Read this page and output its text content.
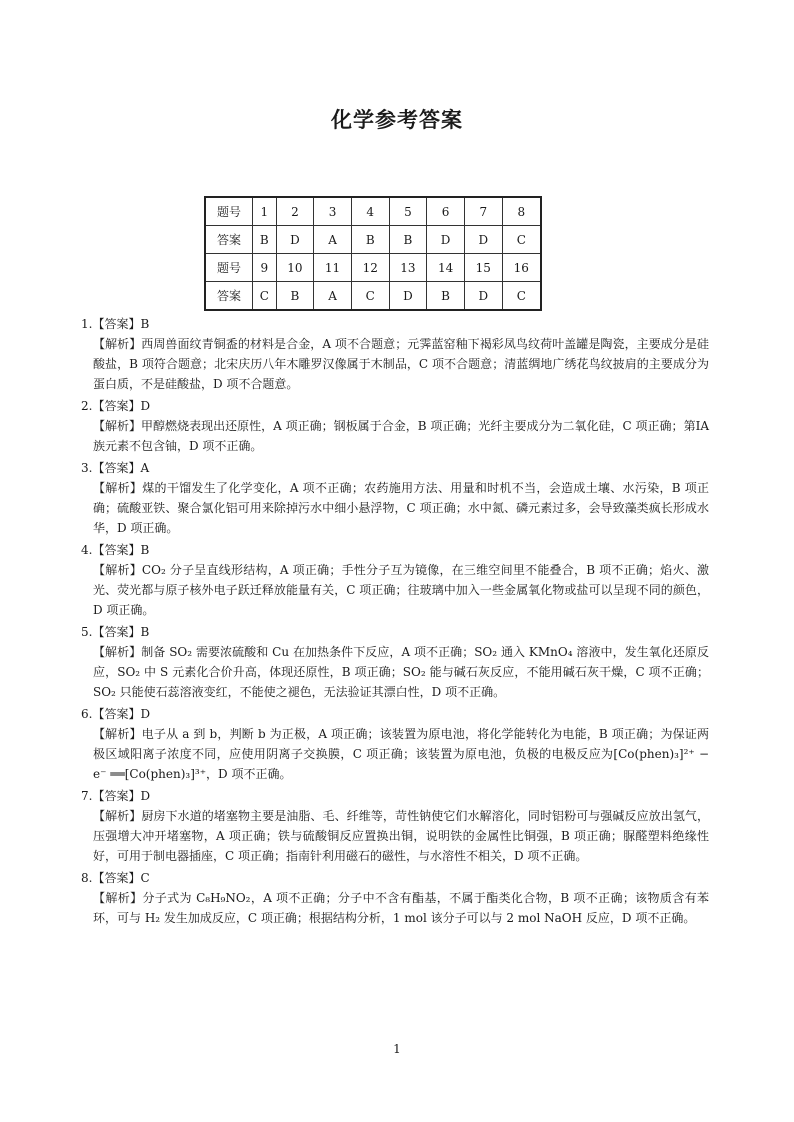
化学参考答案
题号	1	2	3	4	5	6	7	8
答案	B	D	A	B	B	D	D	C
题号	9	10	11	12	13	14	15	16
答案	C	B	A	C	D	B	D	C

1.【答案】B

【解析】西周兽面纹青铜盉的材料是合金，A 项不合题意；元霁蓝窑釉下褐彩凤鸟纹荷叶盖罐是陶瓷，主要成分是硅酸盐，B 项符合题意；北宋庆历八年木雕罗汉像属于木制品，C 项不合题意；清蓝绸地广绣花鸟纹披肩的主要成分为蛋白质，不是硅酸盐，D 项不合题意。

2.【答案】D

【解析】甲醇燃烧表现出还原性，A 项正确；钢板属于合金，B 项正确；光纤主要成分为二氧化硅，C 项正确；第ⅠA 族元素不包含铀，D 项不正确。

3.【答案】A

【解析】煤的干馏发生了化学变化，A 项不正确；农药施用方法、用量和时机不当，会造成土壤、水污染，B 项正确；硫酸亚铁、聚合氯化铝可用来除掉污水中细小悬浮物，C 项正确；水中氮、磷元素过多，会导致藻类疯长形成水华，D 项正确。

4.【答案】B

【解析】CO₂ 分子呈直线形结构，A 项正确；手性分子互为镜像，在三维空间里不能叠合，B 项不正确；焰火、激光、荧光都与原子核外电子跃迁释放能量有关，C 项正确；往玻璃中加入一些金属氧化物或盐可以呈现不同的颜色，D 项正确。

5.【答案】B

【解析】制备 SO₂ 需要浓硫酸和 Cu 在加热条件下反应，A 项不正确；SO₂ 通入 KMnO₄ 溶液中，发生氧化还原反应，SO₂ 中 S 元素化合价升高，体现还原性，B 项正确；SO₂ 能与碱石灰反应，不能用碱石灰干燥，C 项不正确；SO₂ 只能使石蕊溶液变红，不能使之褪色，无法验证其漂白性，D 项不正确。

6.【答案】D

【解析】电子从 a 到 b，判断 b 为正极，A 项正确；该装置为原电池，将化学能转化为电能，B 项正确；为保证两极区域阳离子浓度不同，应使用阴离子交换膜，C 项正确；该装置为原电池，负极的电极反应为[Co(phen)₃]²⁺ − e⁻ ══[Co(phen)₃]³⁺，D 项不正确。

7.【答案】D

【解析】厨房下水道的堵塞物主要是油脂、毛、纤维等，苛性钠使它们水解溶化，同时铝粉可与强碱反应放出氢气，压强增大冲开堵塞物，A 项正确；铁与硫酸铜反应置换出铜，说明铁的金属性比铜强，B 项正确；脲醛塑料绝缘性好，可用于制电器插座，C 项正确；指南针利用磁石的磁性，与水溶性不相关，D 项不正确。

8.【答案】C

【解析】分子式为 C₈H₉NO₂，A 项不正确；分子中不含有酯基，不属于酯类化合物，B 项不正确；该物质含有苯环，可与 H₂ 发生加成反应，C 项正确；根据结构分析，1 mol 该分子可以与 2 mol NaOH 反应，D 项不正确。

1
